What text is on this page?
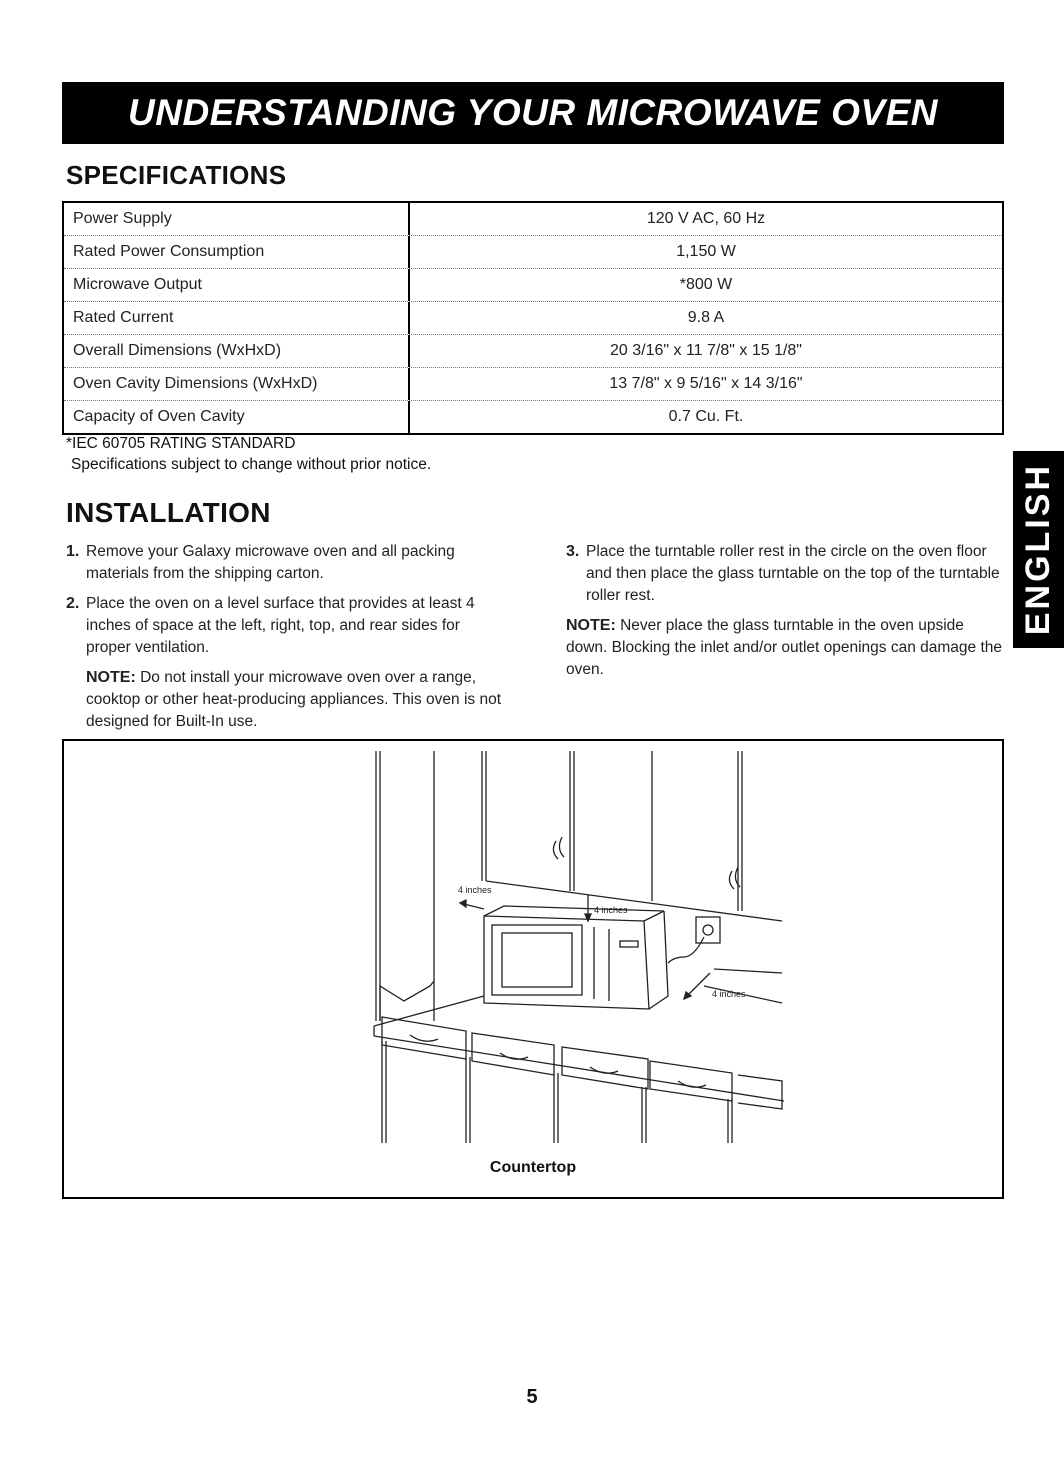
UNDERSTANDING YOUR MICROWAVE OVEN
SPECIFICATIONS
Power Supply	120 V AC, 60 Hz
Rated Power Consumption	1,150 W
Microwave Output	*800 W
Rated Current	9.8 A
Overall Dimensions (WxHxD)	20 3/16" x 11 7/8" x 15 1/8"
Oven Cavity Dimensions (WxHxD)	13 7/8" x 9 5/16" x 14 3/16"
Capacity of Oven Cavity	0.7 Cu. Ft.
*IEC 60705 RATING STANDARD
Specifications subject to change without prior notice.
INSTALLATION
1. Remove your Galaxy microwave oven and all packing materials from the shipping carton.
2. Place the oven on a level surface that provides at least 4 inches of space at the left, right, top, and rear sides for proper ventilation.
NOTE: Do not install your microwave oven over a range, cooktop or other heat-producing appliances. This oven is not designed for Built-In use.
3. Place the turntable roller rest in the circle on the oven floor and then place the glass turntable on the top of the turntable roller rest.
NOTE: Never place the glass turntable in the oven upside down. Blocking the inlet and/or outlet openings can damage the oven.
ENGLISH
4 inches
4 inches
4 inches
Countertop
5
